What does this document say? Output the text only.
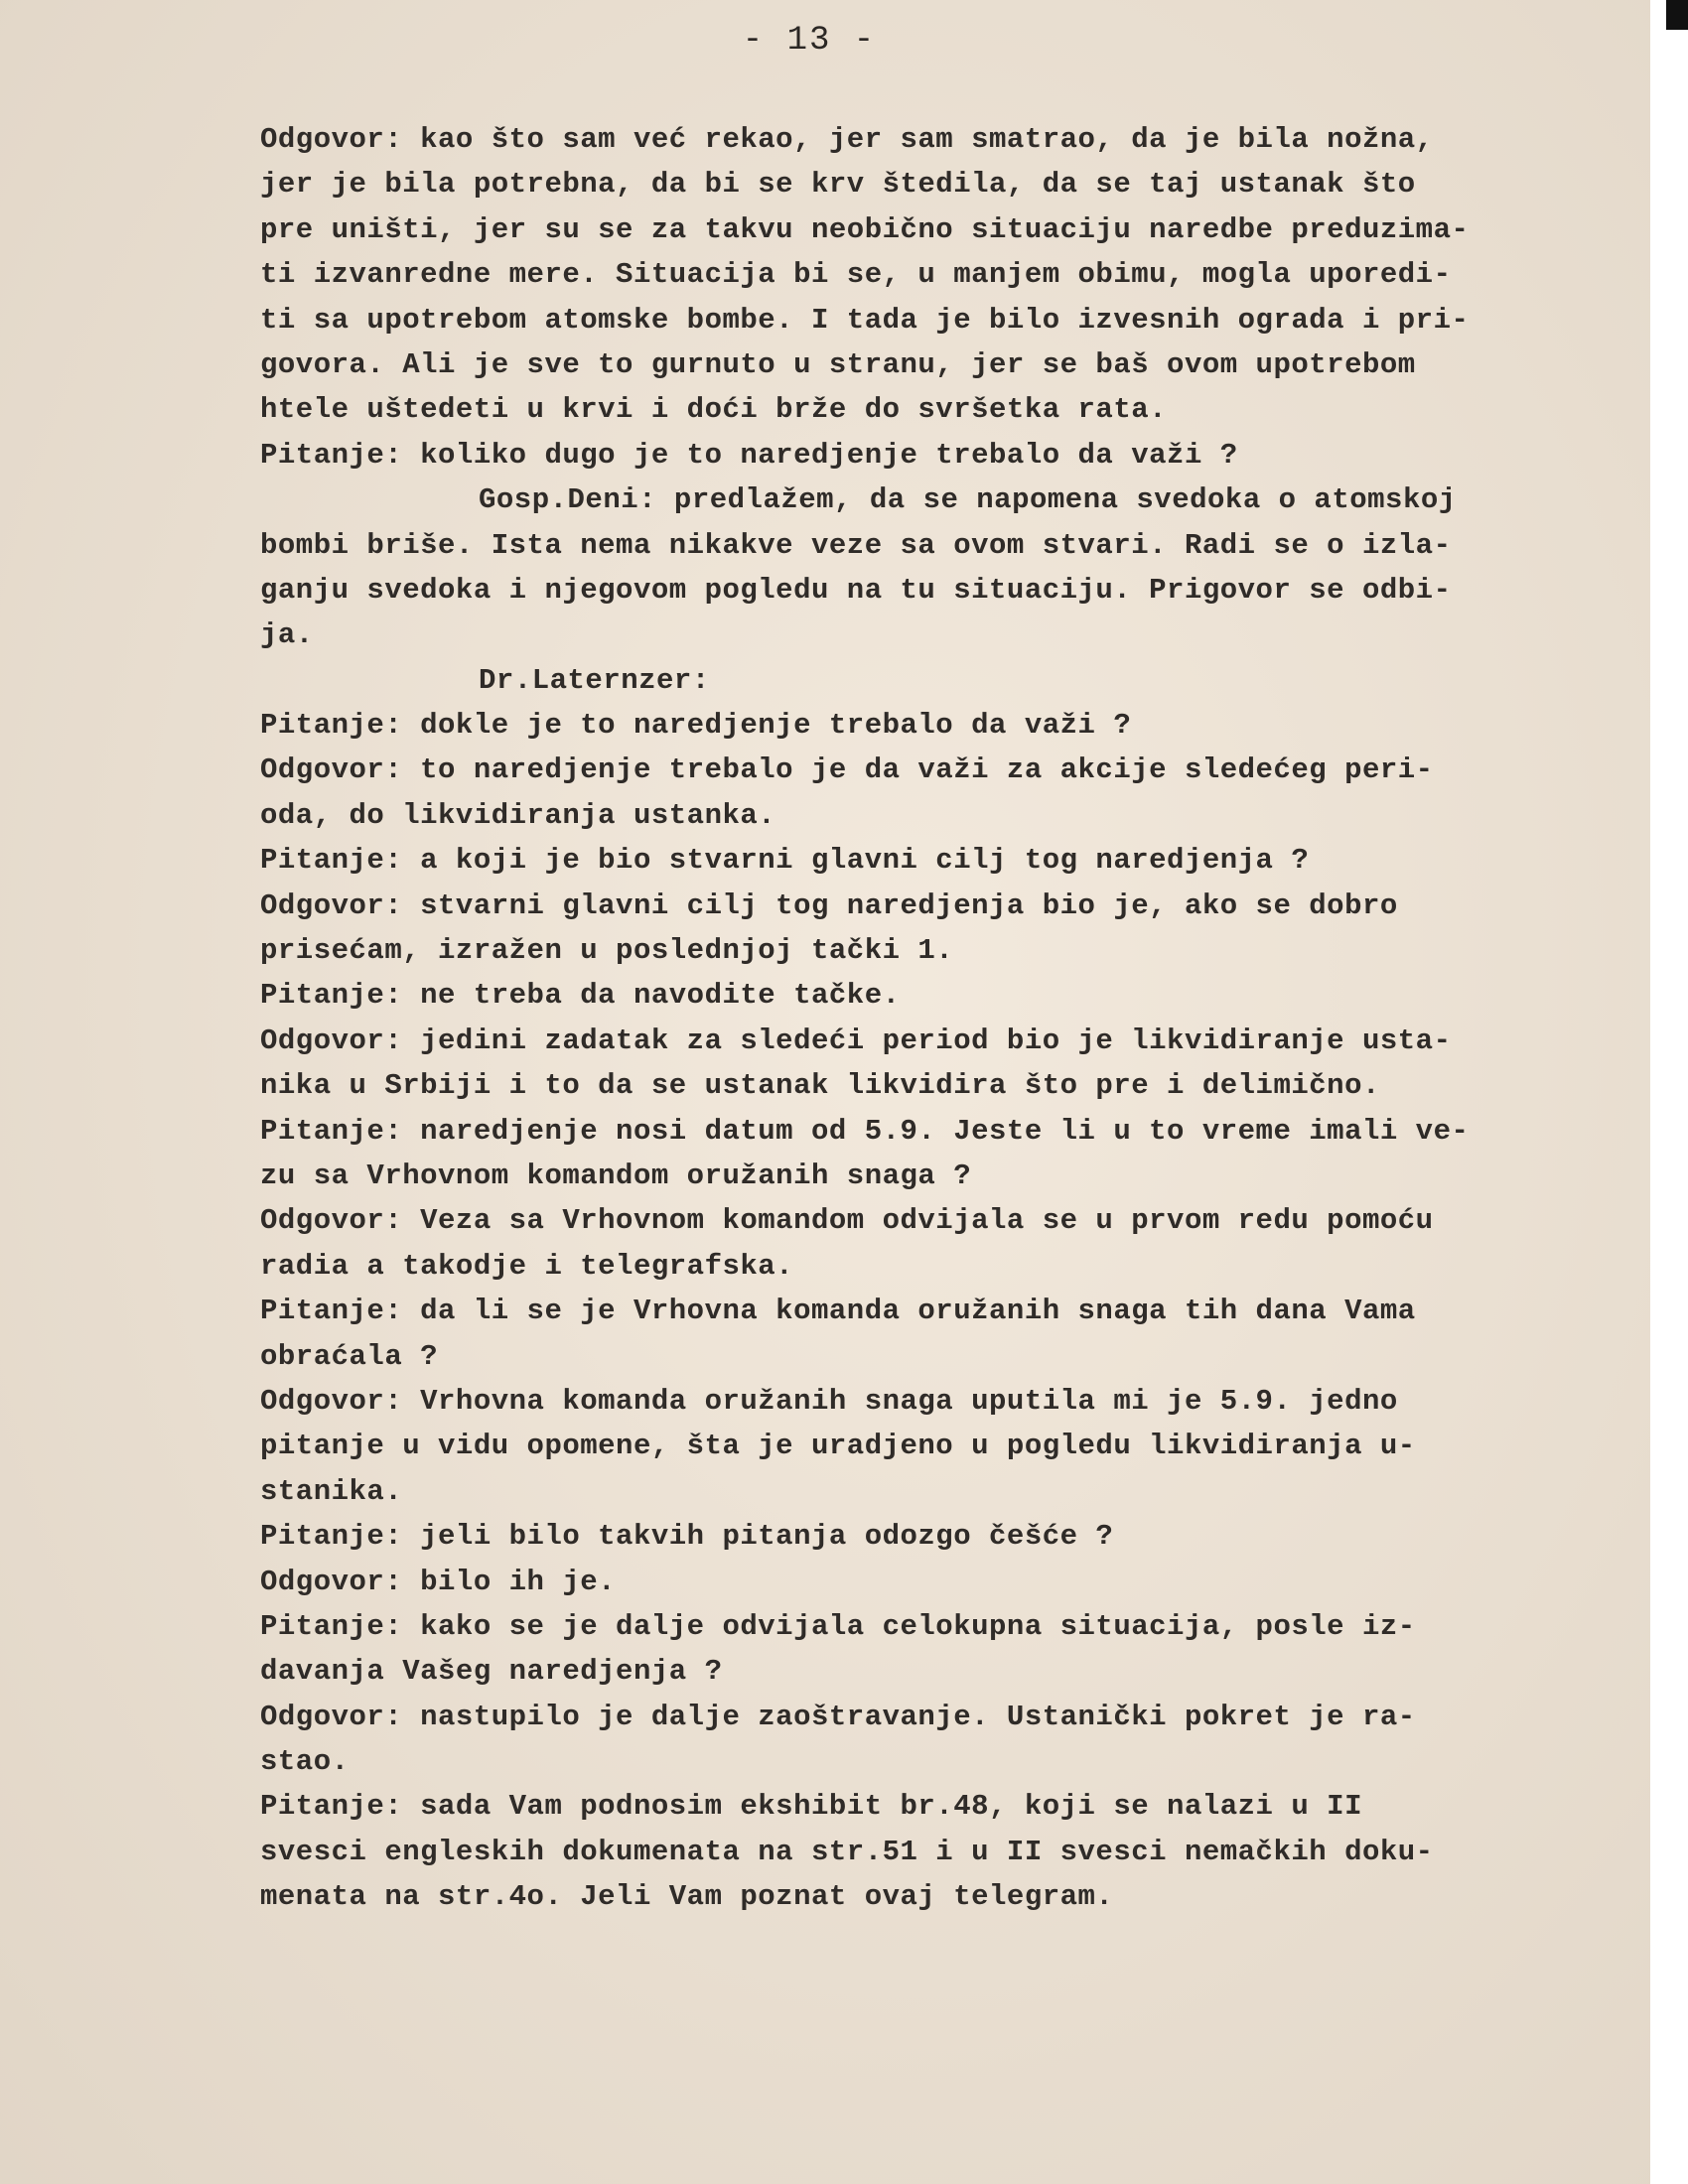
- 13 -
Odgovor: kao što sam već rekao, jer sam smatrao, da je bila nožna,
jer je bila potrebna, da bi se krv štedila, da se taj ustanak što
pre uništi, jer su se za takvu neobično situaciju naredbe preduzima-
ti izvanredne mere. Situacija bi se, u manjem obimu, mogla uporedi-
ti sa upotrebom atomske bombe. I tada je bilo izvesnih ograda i pri-
govora. Ali je sve to gurnuto u stranu, jer se baš ovom upotrebom
htele uštedeti u krvi i doći brže do svršetka rata.
Pitanje: koliko dugo je to naredjenje trebalo da važi ?
Gosp.Deni: predlažem, da se napomena svedoka o atomskoj
bombi briše. Ista nema nikakve veze sa ovom stvari. Radi se o izla-
ganju svedoka i njegovom pogledu na tu situaciju. Prigovor se odbi-
ja.
Dr.Laternzer:
Pitanje: dokle je to naredjenje trebalo da važi ?
Odgovor: to naredjenje trebalo je da važi za akcije sledećeg peri-
oda, do likvidiranja ustanka.
Pitanje: a koji je bio stvarni glavni cilj tog naredjenja ?
Odgovor: stvarni glavni cilj tog naredjenja bio je, ako se dobro
prisećam, izražen u poslednjoj tački 1.
Pitanje: ne treba da navodite tačke.
Odgovor: jedini zadatak za sledeći period bio je likvidiranje usta-
nika u Srbiji i to da se ustanak likvidira što pre i delimično.
Pitanje: naredjenje nosi datum od 5.9. Jeste li u to vreme imali ve-
zu sa Vrhovnom komandom oružanih snaga ?
Odgovor: Veza sa Vrhovnom komandom odvijala se u prvom redu pomoću
radia a takodje i telegrafska.
Pitanje: da li se je Vrhovna komanda oružanih snaga tih dana Vama
obraćala ?
Odgovor: Vrhovna komanda oružanih snaga uputila mi je 5.9. jedno
pitanje u vidu opomene, šta je uradjeno u pogledu likvidiranja u-
stanika.
Pitanje: jeli bilo takvih pitanja odozgo češće ?
Odgovor: bilo ih je.
Pitanje: kako se je dalje odvijala celokupna situacija, posle iz-
davanja Vašeg naredjenja ?
Odgovor: nastupilo je dalje zaoštravanje. Ustanički pokret je ra-
stao.
Pitanje: sada Vam podnosim ekshibit br.48, koji se nalazi u II
svesci engleskih dokumenata na str.51 i u II svesci nemačkih doku-
menata na str.4o. Jeli Vam poznat ovaj telegram.
